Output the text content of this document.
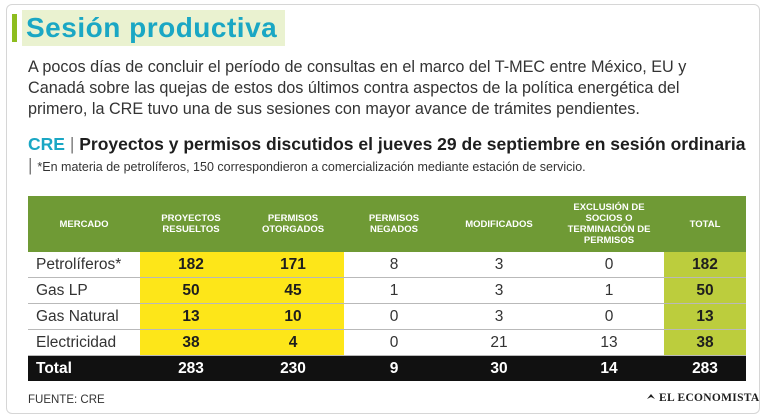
Sesión productiva
A pocos días de concluir el período de consultas en el marco del T-MEC entre México, EU y Canadá sobre las quejas de estos dos últimos contra aspectos de la política energética del primero, la CRE tuvo una de sus sesiones con mayor avance de trámites pendientes.
CRE | Proyectos y permisos discutidos el jueves 29 de septiembre en sesión ordinaria | *En materia de petrolíferos, 150 correspondieron a comercialización mediante estación de servicio.
MERCADO	PROYECTOS RESUELTOS	PERMISOS OTORGADOS	PERMISOS NEGADOS	MODIFICADOS	EXCLUSIÓN DE SOCIOS O TERMINACIÓN DE PERMISOS	TOTAL
Petrolíferos*	182	171	8	3	0	182
Gas LP	50	45	1	3	1	50
Gas Natural	13	10	0	3	0	13
Electricidad	38	4	0	21	13	38
Total	283	230	9	30	14	283
FUENTE: CRE	EL ECONOMISTA
